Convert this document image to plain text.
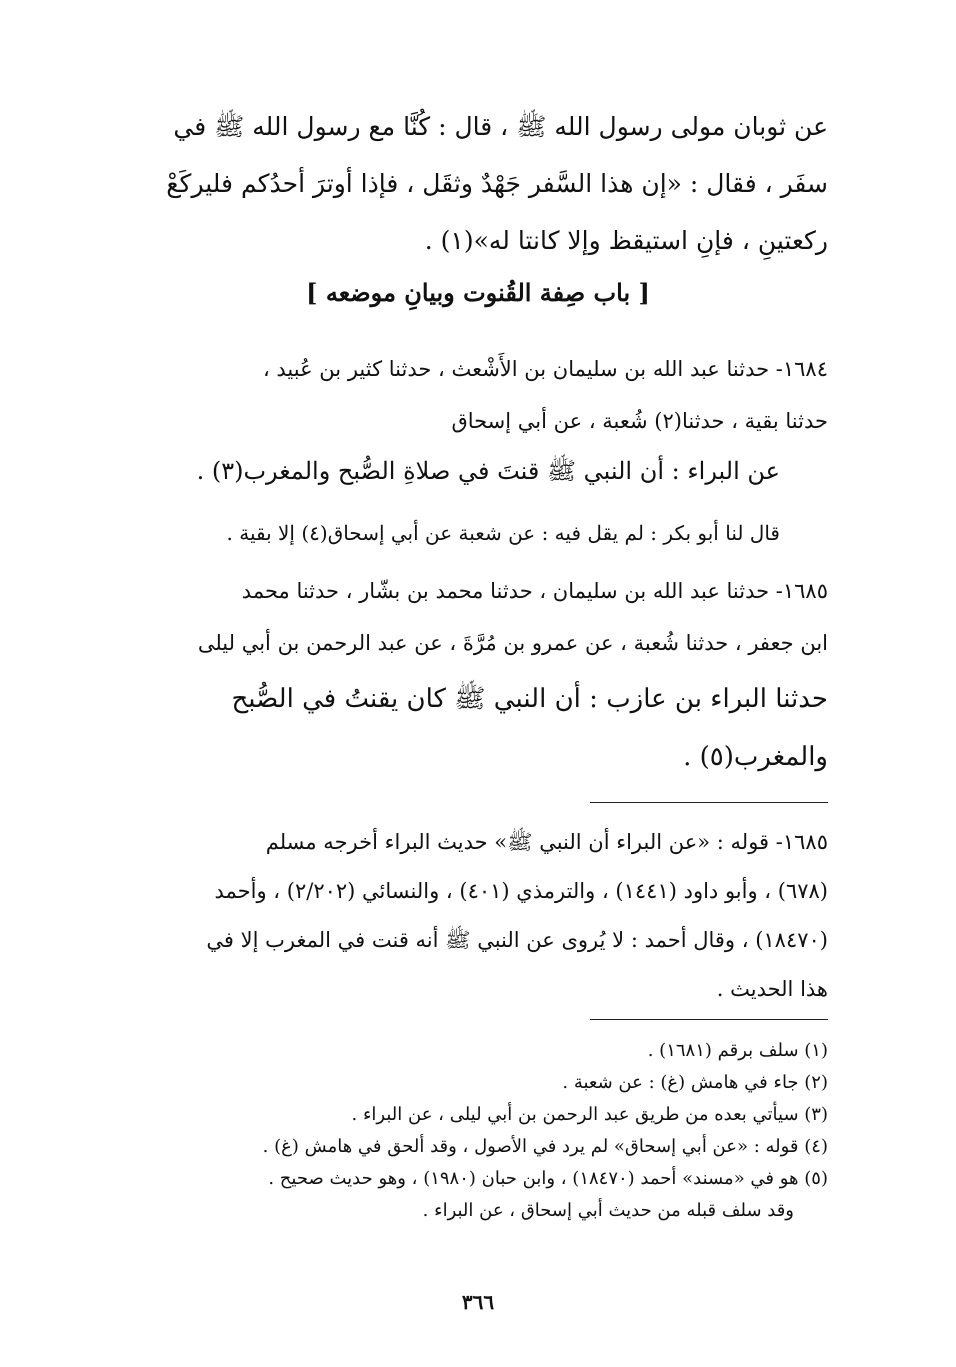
عن ثوبان مولى رسول الله ﷺ ، قال : كُنَّا مع رسول الله ﷺ في
سفَر ، فقال : «إن هذا السَّفر جَهْدٌ وثقَل ، فإذا أوترَ أحدُكم فليركَعْ
ركعتينِ ، فإنِ استيقظ وإلا كانتا له»(١) .
[ باب صِفة القُنوت وبيانِ موضعه ]
١٦٨٤- حدثنا عبد الله بن سليمان بن الأَشْعث ، حدثنا كثير بن عُبيد ،
حدثنا بقية ، حدثنا(٢) شُعبة ، عن أبي إسحاق
عن البراء : أن النبي ﷺ قنتَ في صلاةِ الصُّبح والمغرب(٣) .
قال لنا أبو بكر : لم يقل فيه : عن شعبة عن أبي إسحاق(٤) إلا بقية .
١٦٨٥- حدثنا عبد الله بن سليمان ، حدثنا محمد بن بشّار ، حدثنا محمد
ابن جعفر ، حدثنا شُعبة ، عن عمرو بن مُرَّةَ ، عن عبد الرحمن بن أبي ليلى
حدثنا البراء بن عازب : أن النبي ﷺ كان يقنتُ في الصُّبح
والمغرب(٥) .
١٦٨٥- قوله : «عن البراء أن النبي ﷺ» حديث البراء أخرجه مسلم
(٦٧٨) ، وأبو داود (١٤٤١) ، والترمذي (٤٠١) ، والنسائي (٢/٢٠٢) ، وأحمد
(١٨٤٧٠) ، وقال أحمد : لا يُروى عن النبي ﷺ أنه قنت في المغرب إلا في
هذا الحديث .
(١) سلف برقم (١٦٨١) .
(٢) جاء في هامش (غ) : عن شعبة .
(٣) سيأتي بعده من طريق عبد الرحمن بن أبي ليلى ، عن البراء .
(٤) قوله : «عن أبي إسحاق» لم يرد في الأصول ، وقد ألحق في هامش (غ) .
(٥) هو في «مسند» أحمد (١٨٤٧٠) ، وابن حبان (١٩٨٠) ، وهو حديث صحيح .
وقد سلف قبله من حديث أبي إسحاق ، عن البراء .
٣٦٦
